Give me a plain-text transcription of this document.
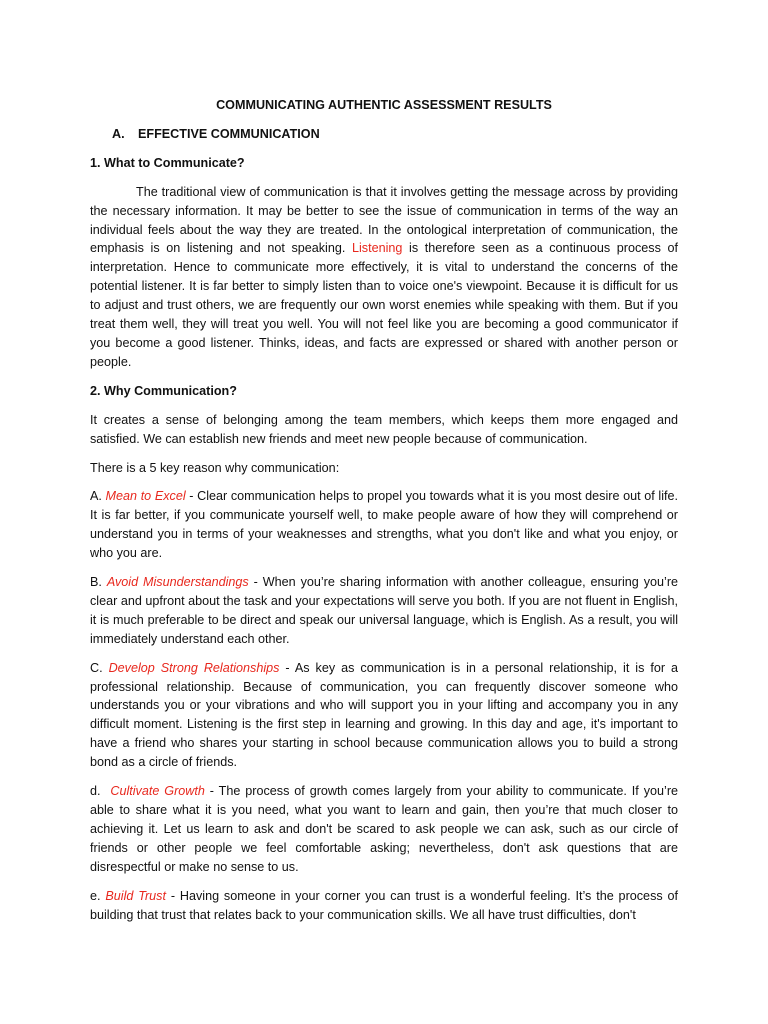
COMMUNICATING AUTHENTIC ASSESSMENT RESULTS
A. EFFECTIVE COMMUNICATION
1. What to Communicate?

The traditional view of communication is that it involves getting the message across by providing the necessary information. It may be better to see the issue of communication in terms of the way an individual feels about the way they are treated. In the ontological interpretation of communication, the emphasis is on listening and not speaking. Listening is therefore seen as a continuous process of interpretation. Hence to communicate more effectively, it is vital to understand the concerns of the potential listener. It is far better to simply listen than to voice one's viewpoint. Because it is difficult for us to adjust and trust others, we are frequently our own worst enemies while speaking with them. But if you treat them well, they will treat you well. You will not feel like you are becoming a good communicator if you become a good listener. Thinks, ideas, and facts are expressed or shared with another person or people.

2. Why Communication?

It creates a sense of belonging among the team members, which keeps them more engaged and satisfied. We can establish new friends and meet new people because of communication.

There is a 5 key reason why communication:

A. Mean to Excel - Clear communication helps to propel you towards what it is you most desire out of life. It is far better, if you communicate yourself well, to make people aware of how they will comprehend or understand you in terms of your weaknesses and strengths, what you don't like and what you enjoy, or who you are.

B. Avoid Misunderstandings - When you’re sharing information with another colleague, ensuring you’re clear and upfront about the task and your expectations will serve you both. If you are not fluent in English, it is much preferable to be direct and speak our universal language, which is English. As a result, you will immediately understand each other.

C. Develop Strong Relationships - As key as communication is in a personal relationship, it is for a professional relationship. Because of communication, you can frequently discover someone who understands you or your vibrations and who will support you in your lifting and accompany you in any difficult moment. Listening is the first step in learning and growing. In this day and age, it's important to have a friend who shares your starting in school because communication allows you to build a strong bond as a circle of friends.

d. Cultivate Growth - The process of growth comes largely from your ability to communicate. If you’re able to share what it is you need, what you want to learn and gain, then you’re that much closer to achieving it. Let us learn to ask and don't be scared to ask people we can ask, such as our circle of friends or other people we feel comfortable asking; nevertheless, don't ask questions that are disrespectful or make no sense to us.

e. Build Trust - Having someone in your corner you can trust is a wonderful feeling. It’s the process of building that trust that relates back to your communication skills. We all have trust difficulties, don't
